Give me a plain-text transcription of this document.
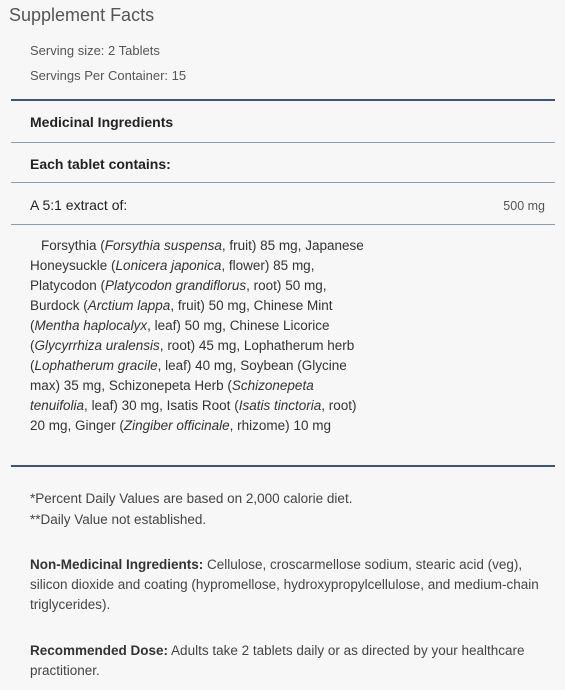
Supplement Facts
Serving size: 2 Tablets
Servings Per Container: 15
Medicinal Ingredients
Each tablet contains:
A 5:1 extract of:	500 mg
Forsythia (Forsythia suspensa, fruit) 85 mg, Japanese Honeysuckle (Lonicera japonica, flower) 85 mg, Platycodon (Platycodon grandiflorus, root) 50 mg, Burdock (Arctium lappa, fruit) 50 mg, Chinese Mint (Mentha haplocalyx, leaf) 50 mg, Chinese Licorice (Glycyrrhiza uralensis, root) 45 mg, Lophatherum herb (Lophatherum gracile, leaf) 40 mg, Soybean (Glycine max) 35 mg, Schizonepeta Herb (Schizonepeta tenuifolia, leaf) 30 mg, Isatis Root (Isatis tinctoria, root) 20 mg, Ginger (Zingiber officinale, rhizome) 10 mg
*Percent Daily Values are based on 2,000 calorie diet.
**Daily Value not established.
Non-Medicinal Ingredients: Cellulose, croscarmellose sodium, stearic acid (veg), silicon dioxide and coating (hypromellose, hydroxypropylcellulose, and medium-chain triglycerides).
Recommended Dose: Adults take 2 tablets daily or as directed by your healthcare practitioner.
